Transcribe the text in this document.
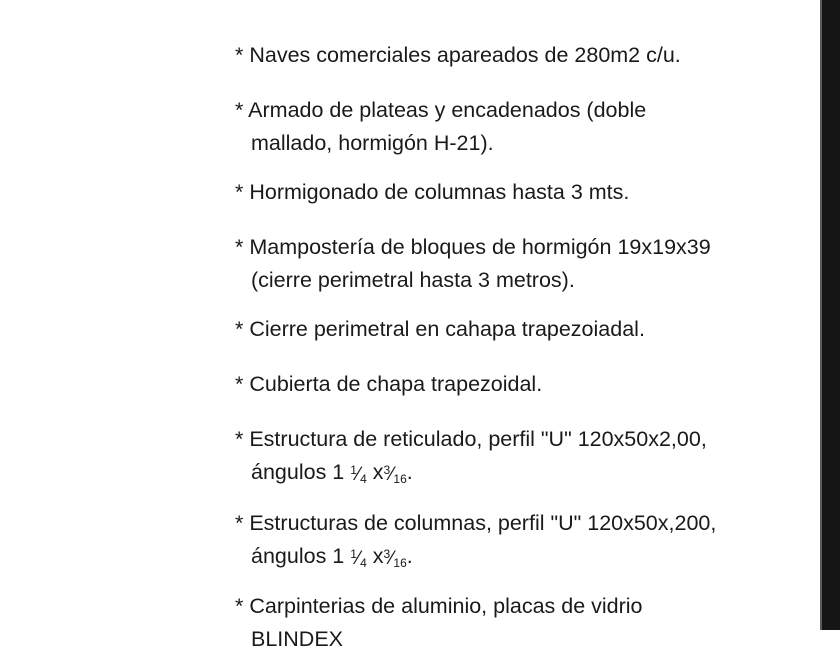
* Naves comerciales apareados de 280m2 c/u.
* Armado de plateas y encadenados (doble
mallado, hormigón H-21).
* Hormigonado de columnas hasta 3 mts.
* Mampostería de bloques de hormigón 19x19x39
(cierre perimetral hasta 3 metros).
* Cierre perimetral en cahapa trapezoiadal.
* Cubierta de chapa trapezoidal.
* Estructura de reticulado, perfil "U" 120x50x2,00,
ángulos 1 $^1⁄_4$ $x^3⁄_{16}$.
* Estructuras de columnas, perfil "U" 120x50x,200,
ángulos 1 $^1⁄_4$ $x^3⁄_{16}$.
* Carpinterias de aluminio, placas de vidrio
BLINDEX
